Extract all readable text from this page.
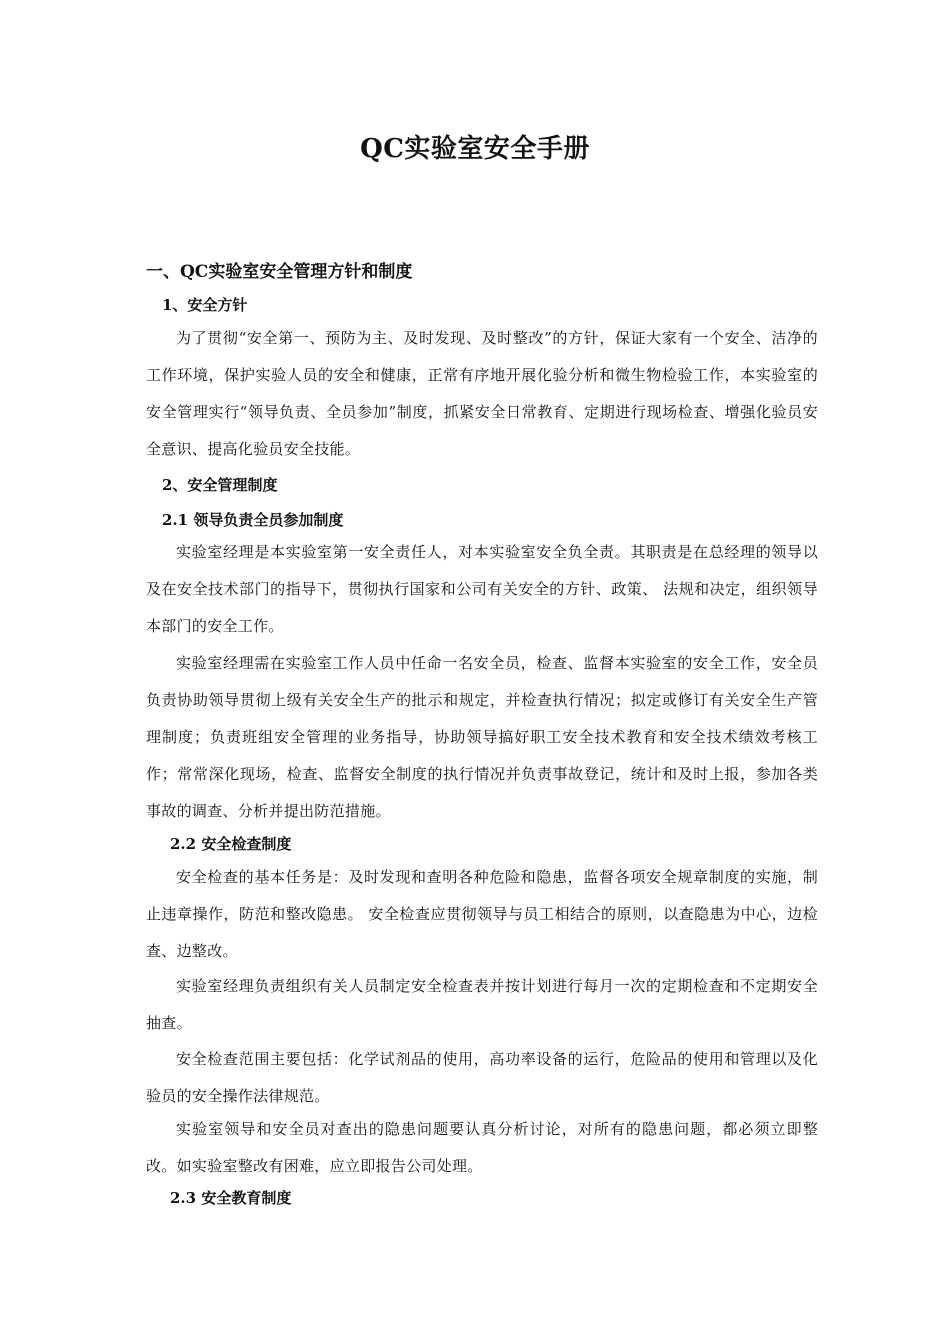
QC实验室安全手册
一、QC实验室安全管理方针和制度
1、安全方针
为了贯彻“安全第一、预防为主、及时发现、及时整改”的方针，保证大家有一个安全、洁净的工作环境，保护实验人员的安全和健康，正常有序地开展化验分析和微生物检验工作，本实验室的安全管理实行“领导负责、全员参加”制度，抓紧安全日常教育、定期进行现场检查、增强化验员安全意识、提高化验员安全技能。
2、安全管理制度
2.1 领导负责全员参加制度
实验室经理是本实验室第一安全责任人，对本实验室安全负全责。其职责是在总经理的领导以及在安全技术部门的指导下，贯彻执行国家和公司有关安全的方针、政策、 法规和决定，组织领导本部门的安全工作。
实验室经理需在实验室工作人员中任命一名安全员，检查、监督本实验室的安全工作，安全员负责协助领导贯彻上级有关安全生产的批示和规定，并检查执行情况；拟定或修订有关安全生产管理制度；负责班组安全管理的业务指导，协助领导搞好职工安全技术教育和安全技术绩效考核工作；常常深化现场，检查、监督安全制度的执行情况并负责事故登记，统计和及时上报，参加各类事故的调查、分析并提出防范措施。
2.2 安全检查制度
安全检查的基本任务是：及时发现和查明各种危险和隐患，监督各项安全规章制度的实施，制止违章操作，防范和整改隐患。 安全检查应贯彻领导与员工相结合的原则，以查隐患为中心，边检查、边整改。
实验室经理负责组织有关人员制定安全检查表并按计划进行每月一次的定期检查和不定期安全抽查。
安全检查范围主要包括：化学试剂品的使用，高功率设备的运行，危险品的使用和管理以及化验员的安全操作法律规范。
实验室领导和安全员对查出的隐患问题要认真分析讨论，对所有的隐患问题，都必须立即整改。如实验室整改有困难，应立即报告公司处理。
2.3 安全教育制度
